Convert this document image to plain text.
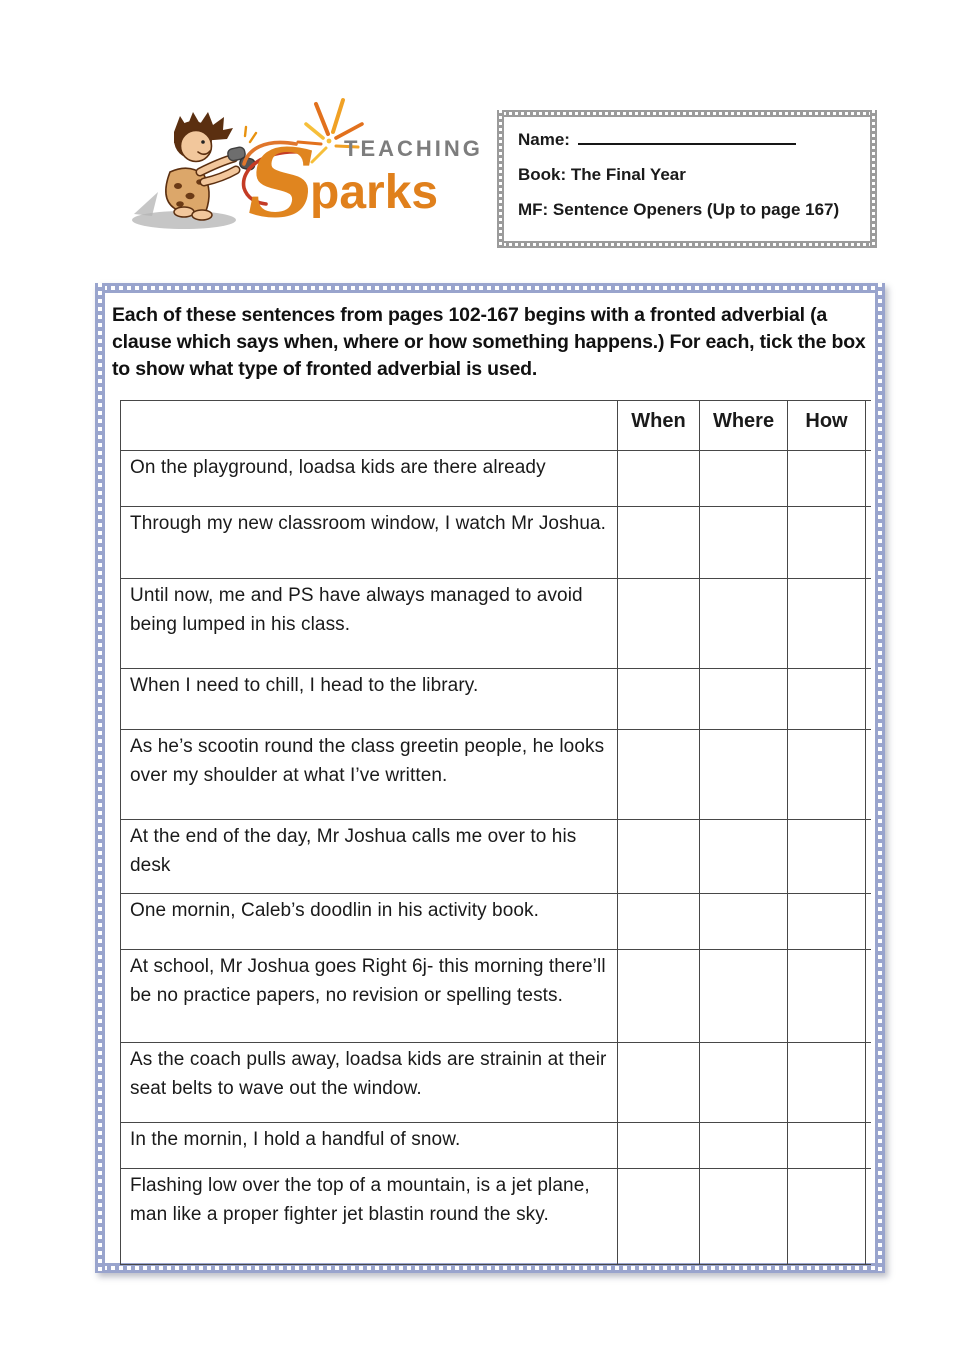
TEACHING
S
parks
Name:
Book: The Final Year
MF: Sentence Openers (Up to page 167)
Each of these sentences from pages 102-167 begins with a fronted adverbial (a clause which says when, where or how something happens.) For each, tick the box to show what type of fronted adverbial is used.
When	Where	How
On the playground, loadsa kids are there already
Through my new classroom window, I watch Mr Joshua.
Until now, me and PS have always managed to avoid being lumped in his class.
When I need to chill, I head to the library.
As he’s scootin round the class greetin people, he looks over my shoulder at what I’ve written.
At the end of the day, Mr Joshua calls me over to his desk
One mornin, Caleb’s doodlin in his activity book.
At school, Mr Joshua goes Right 6j- this morning there’ll be no practice papers, no revision or spelling tests.
As the coach pulls away, loadsa kids are strainin at their seat belts to wave out the window.
In the mornin, I hold a handful of snow.
Flashing low over the top of a mountain, is a jet plane, man like a proper fighter jet blastin round the sky.
